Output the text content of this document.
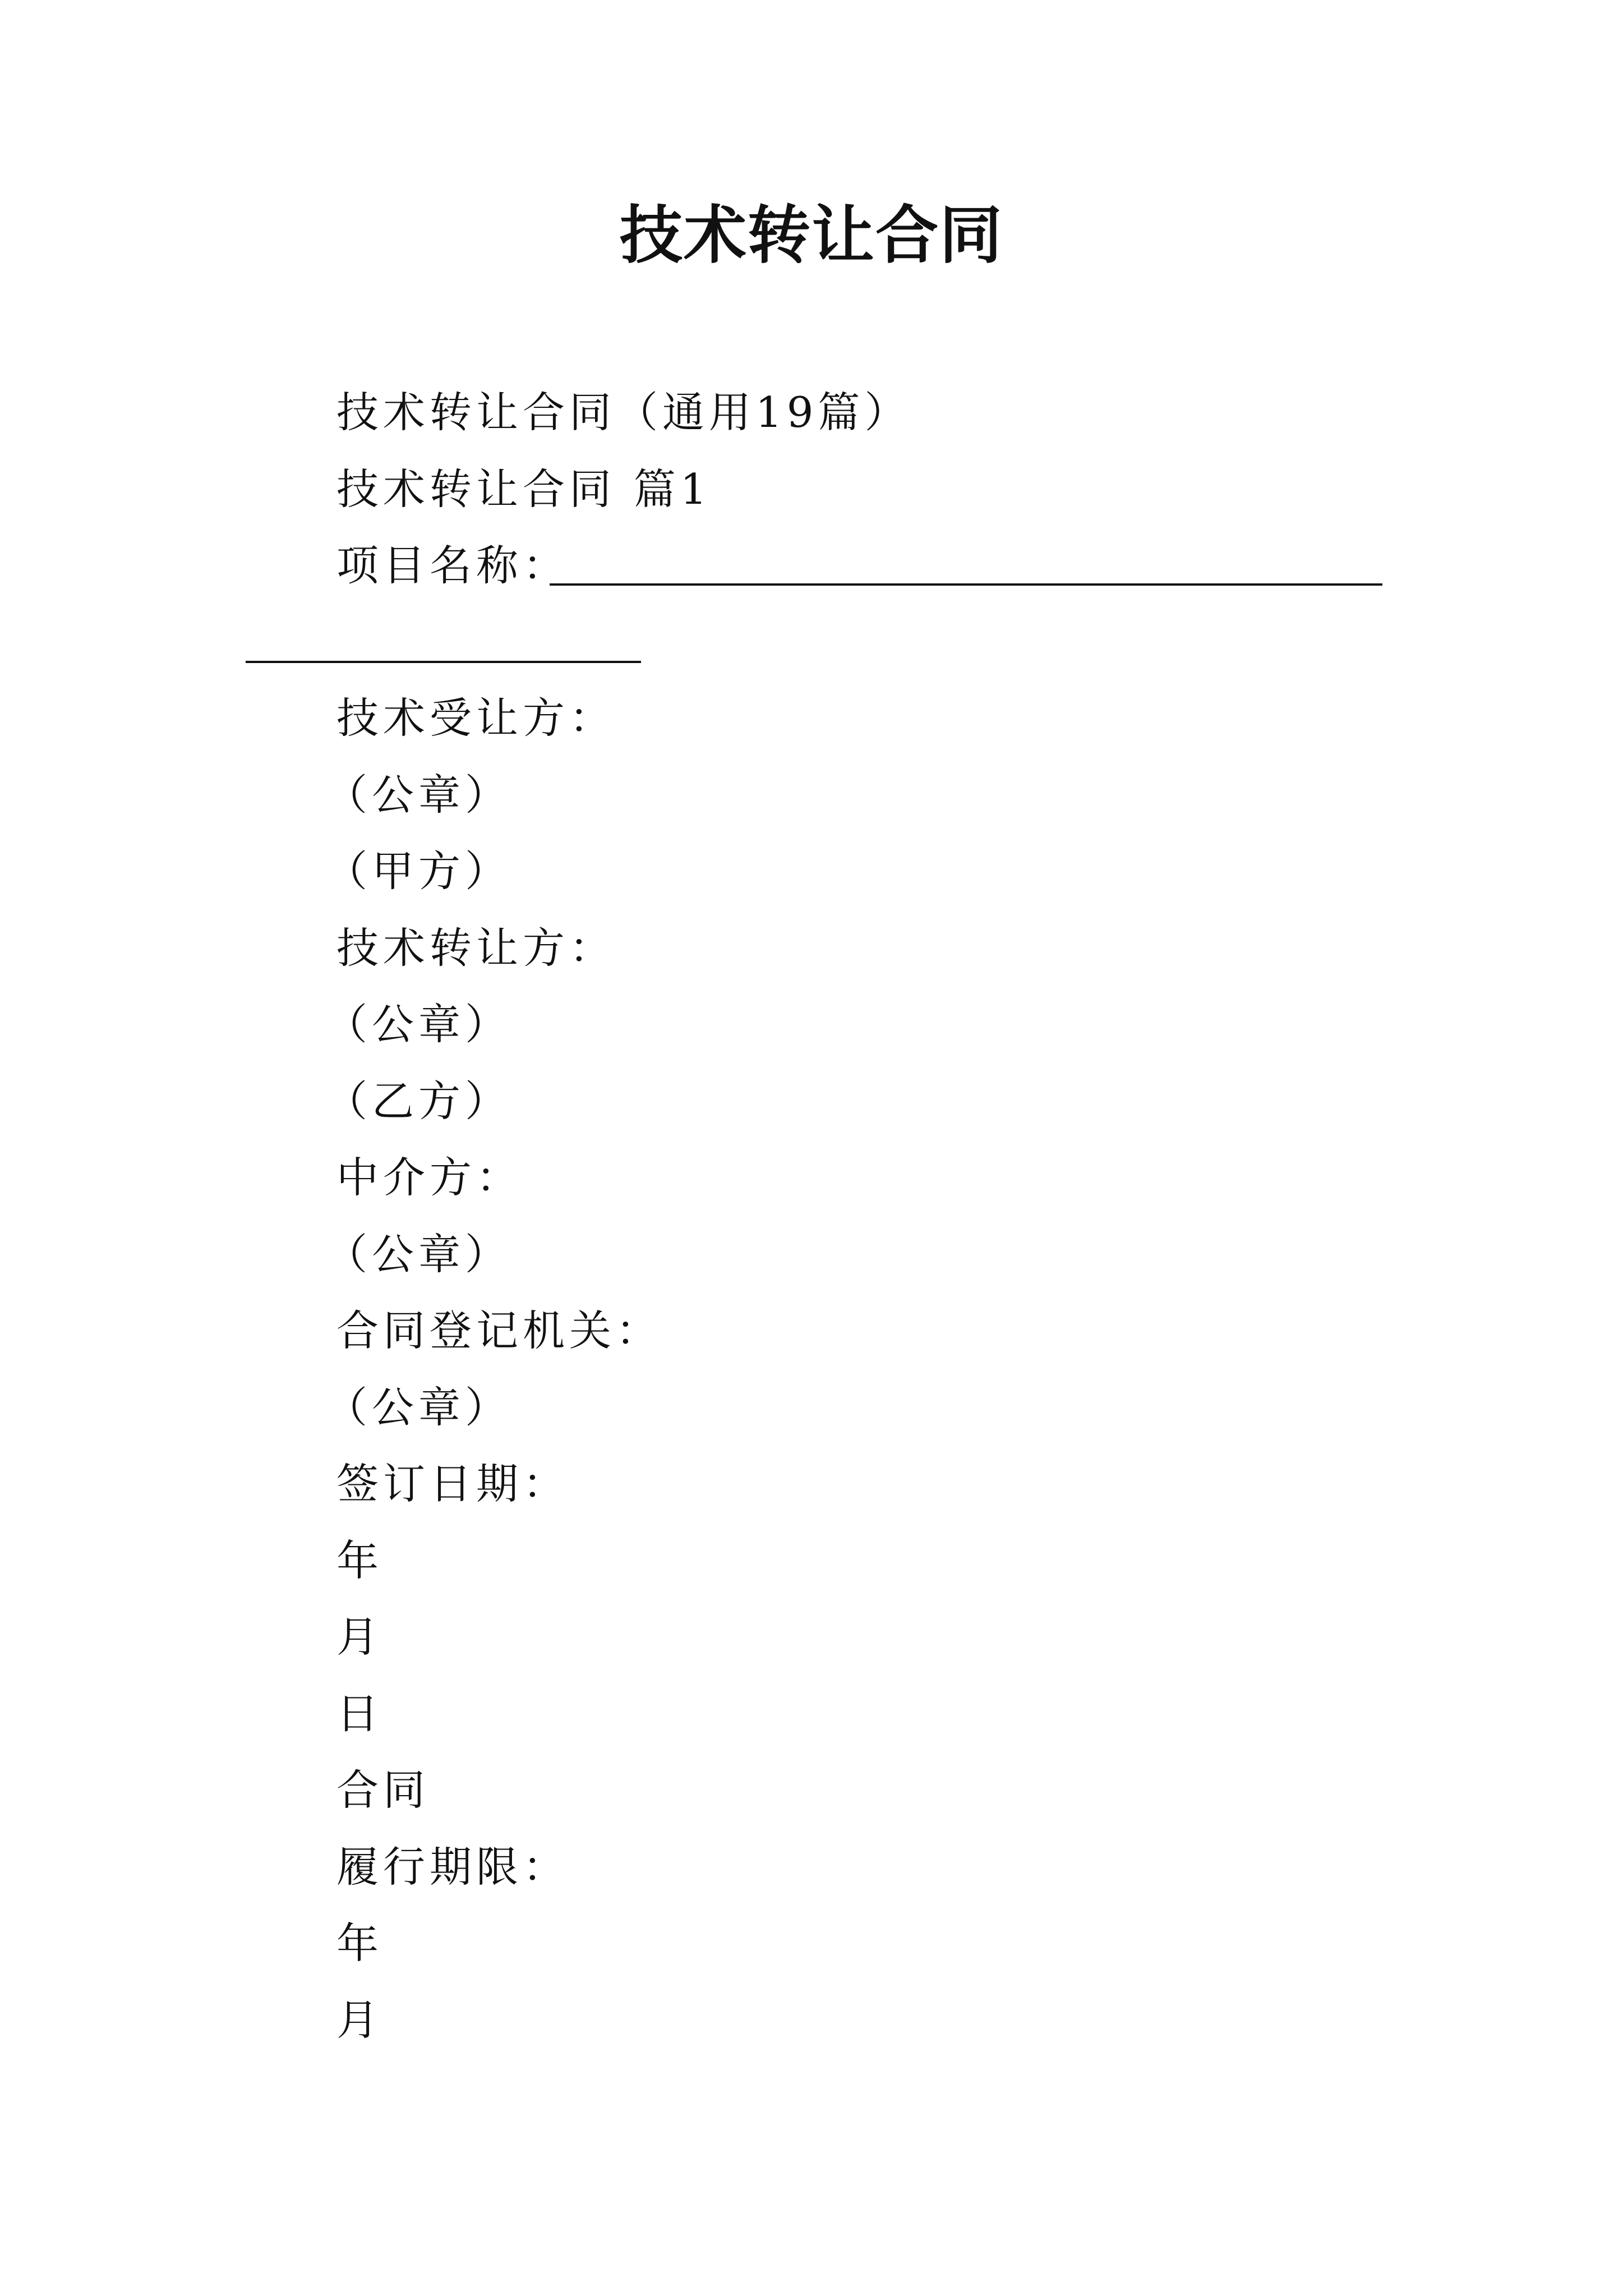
技术转让合同
技术转让合同（通用19篇）
技术转让合同 篇1
项目名称：
技术受让方：
（公章）
（甲方）
技术转让方：
（公章）
（乙方）
中介方：
（公章）
合同登记机关：
（公章）
签订日期：
年
月
日
合同
履行期限：
年
月
